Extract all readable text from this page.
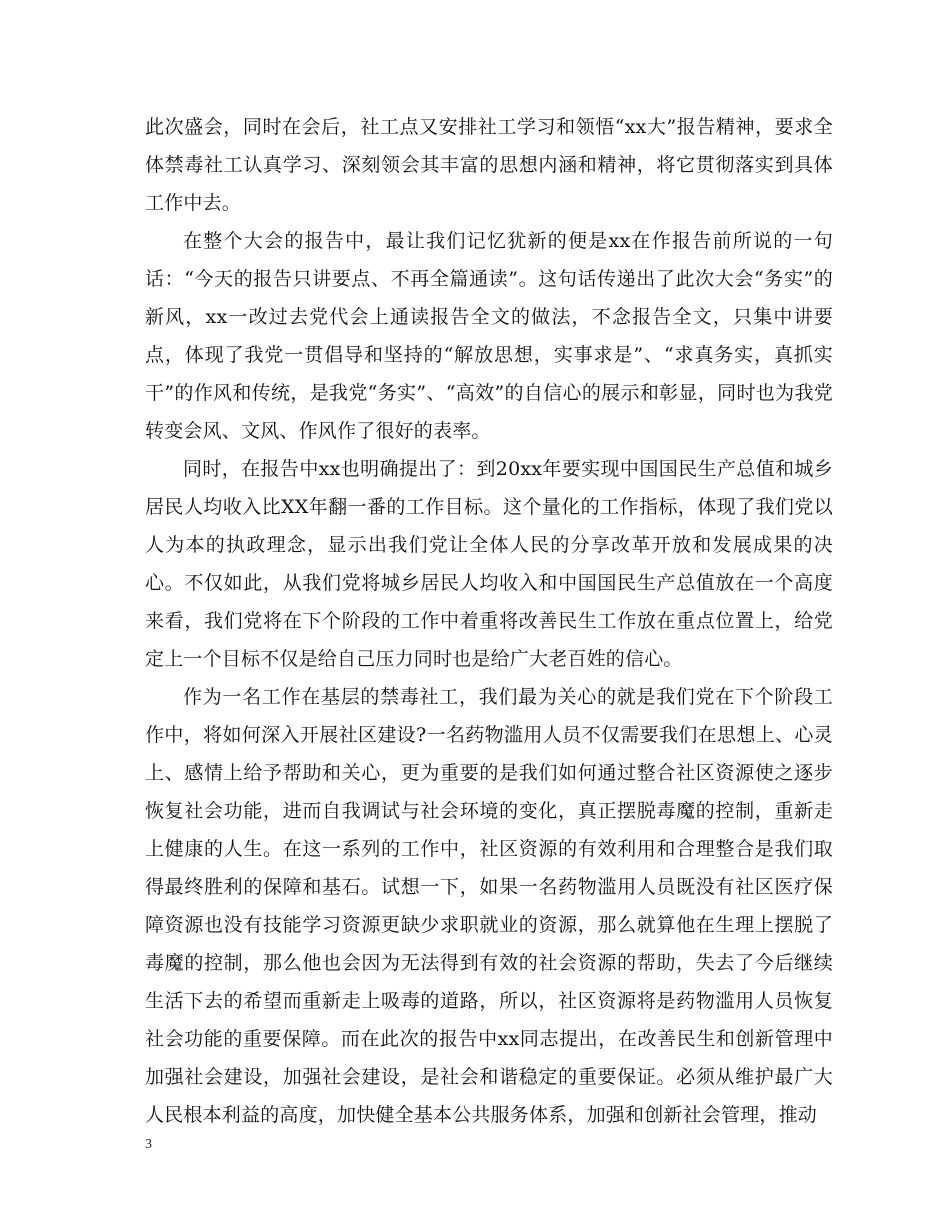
此次盛会，同时在会后，社工点又安排社工学习和领悟“xx大”报告精神，要求全体禁毒社工认真学习、深刻领会其丰富的思想内涵和精神，将它贯彻落实到具体工作中去。

在整个大会的报告中，最让我们记忆犹新的便是xx在作报告前所说的一句话：“今天的报告只讲要点、不再全篇通读”。这句话传递出了此次大会“务实”的新风，xx一改过去党代会上通读报告全文的做法，不念报告全文，只集中讲要点，体现了我党一贯倡导和坚持的“解放思想，实事求是”、“求真务实，真抓实干”的作风和传统，是我党“务实”、“高效”的自信心的展示和彰显，同时也为我党转变会风、文风、作风作了很好的表率。

同时，在报告中xx也明确提出了：到20xx年要实现中国国民生产总值和城乡居民人均收入比XX年翻一番的工作目标。这个量化的工作指标，体现了我们党以人为本的执政理念，显示出我们党让全体人民的分享改革开放和发展成果的决心。不仅如此，从我们党将城乡居民人均收入和中国国民生产总值放在一个高度来看，我们党将在下个阶段的工作中着重将改善民生工作放在重点位置上，给党定上一个目标不仅是给自己压力同时也是给广大老百姓的信心。

作为一名工作在基层的禁毒社工，我们最为关心的就是我们党在下个阶段工作中，将如何深入开展社区建设?一名药物滥用人员不仅需要我们在思想上、心灵上、感情上给予帮助和关心，更为重要的是我们如何通过整合社区资源使之逐步恢复社会功能，进而自我调试与社会环境的变化，真正摆脱毒魔的控制，重新走上健康的人生。在这一系列的工作中，社区资源的有效利用和合理整合是我们取得最终胜利的保障和基石。试想一下，如果一名药物滥用人员既没有社区医疗保障资源也没有技能学习资源更缺少求职就业的资源，那么就算他在生理上摆脱了毒魔的控制，那么他也会因为无法得到有效的社会资源的帮助，失去了今后继续生活下去的希望而重新走上吸毒的道路，所以，社区资源将是药物滥用人员恢复社会功能的重要保障。而在此次的报告中xx同志提出，在改善民生和创新管理中加强社会建设，加强社会建设，是社会和谐稳定的重要保证。必须从维护最广大人民根本利益的高度，加快健全基本公共服务体系，加强和创新社会管理，推动

3
